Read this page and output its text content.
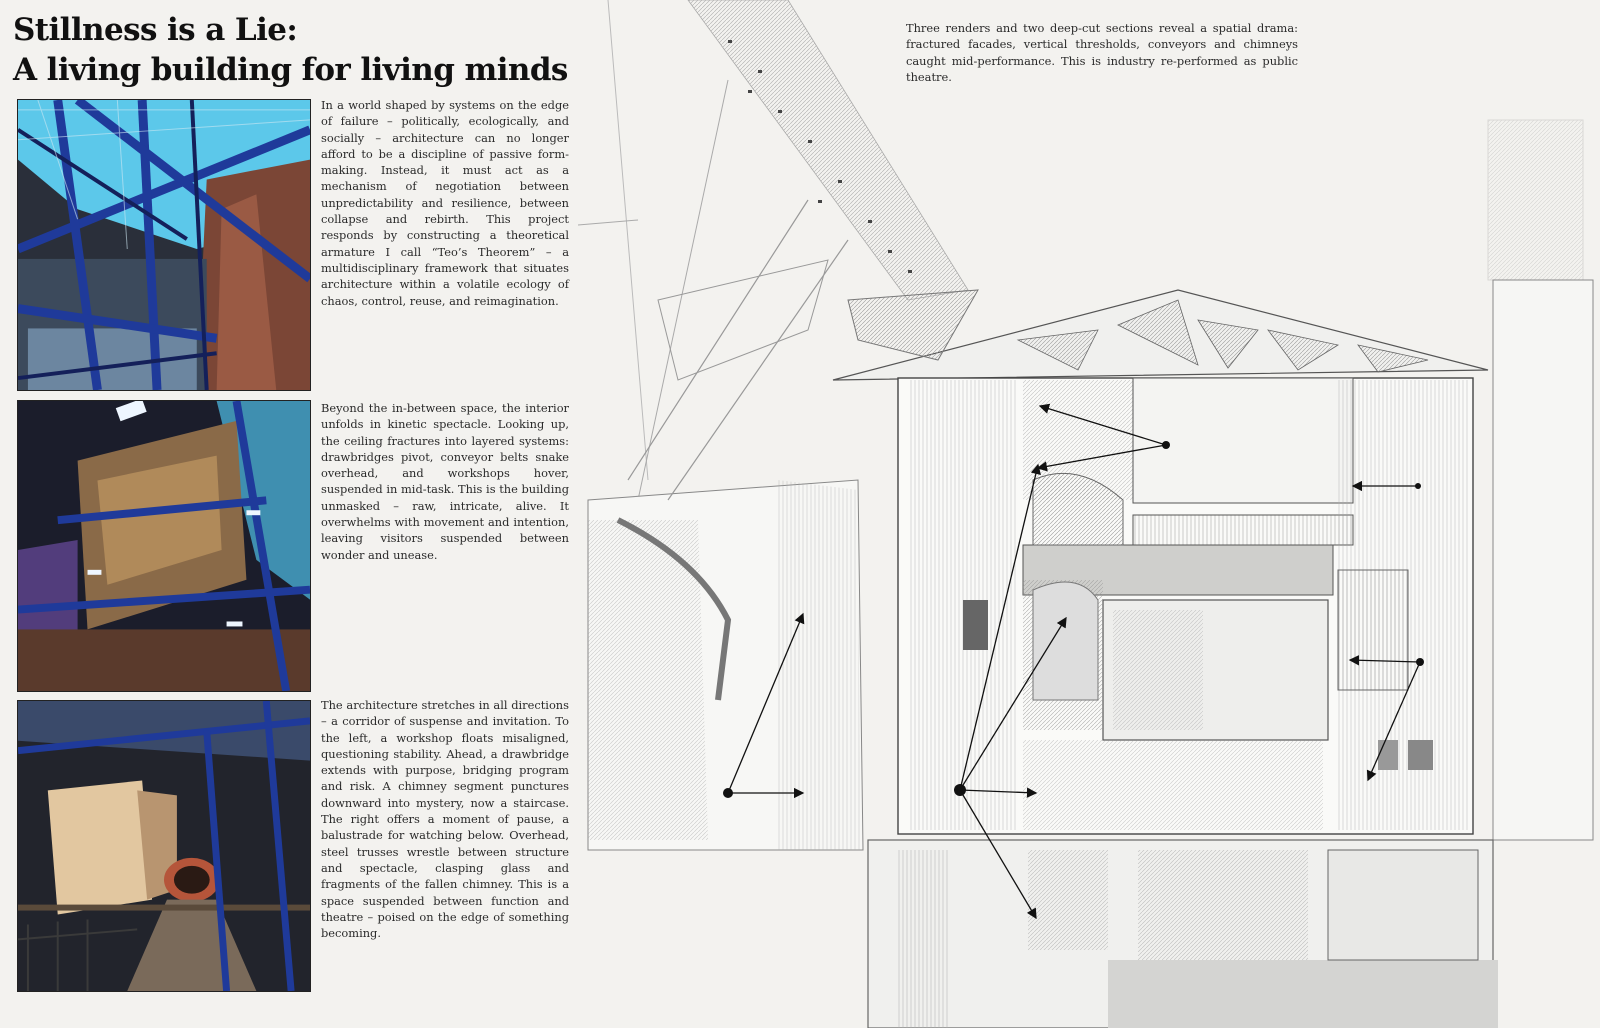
Stillness is a Lie:
A living building for living minds

In a world shaped by systems on the edge of failure – politically, ecologically, and socially – architecture can no longer afford to be a discipline of passive form-making. Instead, it must act as a mechanism of negotiation between unpredictability and resilience, between collapse and rebirth. This project responds by constructing a theoretical armature I call “Teo’s Theorem” – a multidisciplinary framework that situates architecture within a volatile ecology of chaos, control, reuse, and reimagination.

Beyond the in-between space, the interior unfolds in kinetic spectacle. Looking up, the ceiling fractures into layered systems: drawbridges pivot, conveyor belts snake overhead, and workshops hover, suspended in mid-task. This is the building unmasked – raw, intricate, alive. It overwhelms with movement and intention, leaving visitors suspended between wonder and unease.

The architecture stretches in all directions – a corridor of suspense and invitation. To the left, a workshop floats misaligned, questioning stability. Ahead, a drawbridge extends with purpose, bridging program and risk. A chimney segment punctures downward into mystery, now a staircase. The right offers a moment of pause, a balustrade for watching below. Overhead, steel trusses wrestle between structure and spectacle, clasping glass and fragments of the fallen chimney. This is a space suspended between function and theatre – poised on the edge of something becoming.

Three renders and two deep-cut sections reveal a spatial drama: fractured facades, vertical thresholds, conveyors and chimneys caught mid-performance. This is industry re-performed as public theatre.
